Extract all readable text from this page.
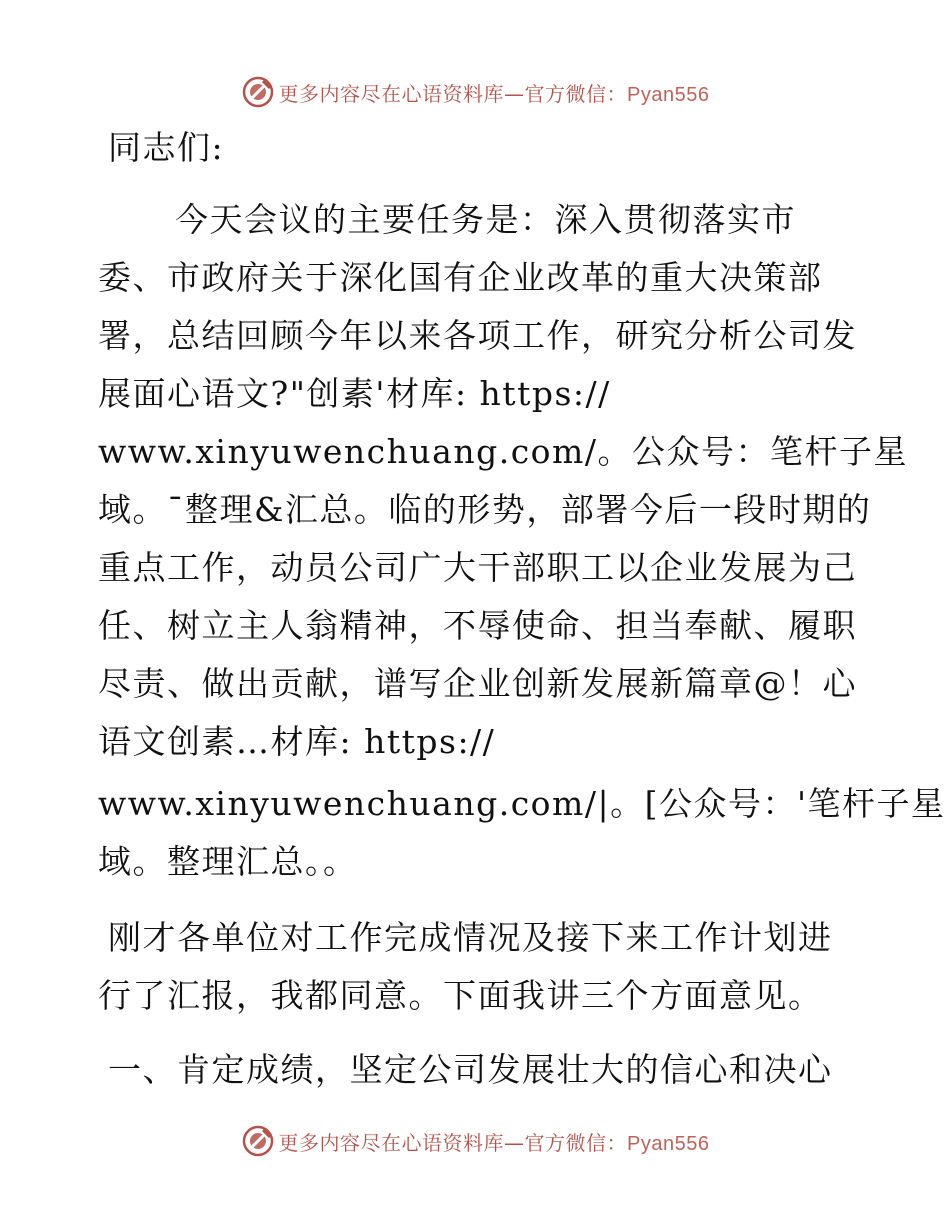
更多内容尽在心语资料库—官方微信：Pyan556
同志们:
今天会议的主要任务是：深入贯彻落实市
委、市政府关于深化国有企业改革的重大决策部
署，总结回顾今年以来各项工作，研究分析公司发
展面心语文?"创素'材库: https://
www.xinyuwenchuang.com/。公众号：笔杆子星
域。¯整理&汇总。临的形势，部署今后一段时期的
重点工作，动员公司广大干部职工以企业发展为己
任、树立主人翁精神，不辱使命、担当奉献、履职
尽责、做出贡献，谱写企业创新发展新篇章@！心
语文创素…材库: https://
www.xinyuwenchuang.com/|。[公众号：'笔杆子星
域。整理汇总。。
刚才各单位对工作完成情况及接下来工作计划进
行了汇报，我都同意。下面我讲三个方面意见。
一、肯定成绩，坚定公司发展壮大的信心和决心
更多内容尽在心语资料库—官方微信：Pyan556
